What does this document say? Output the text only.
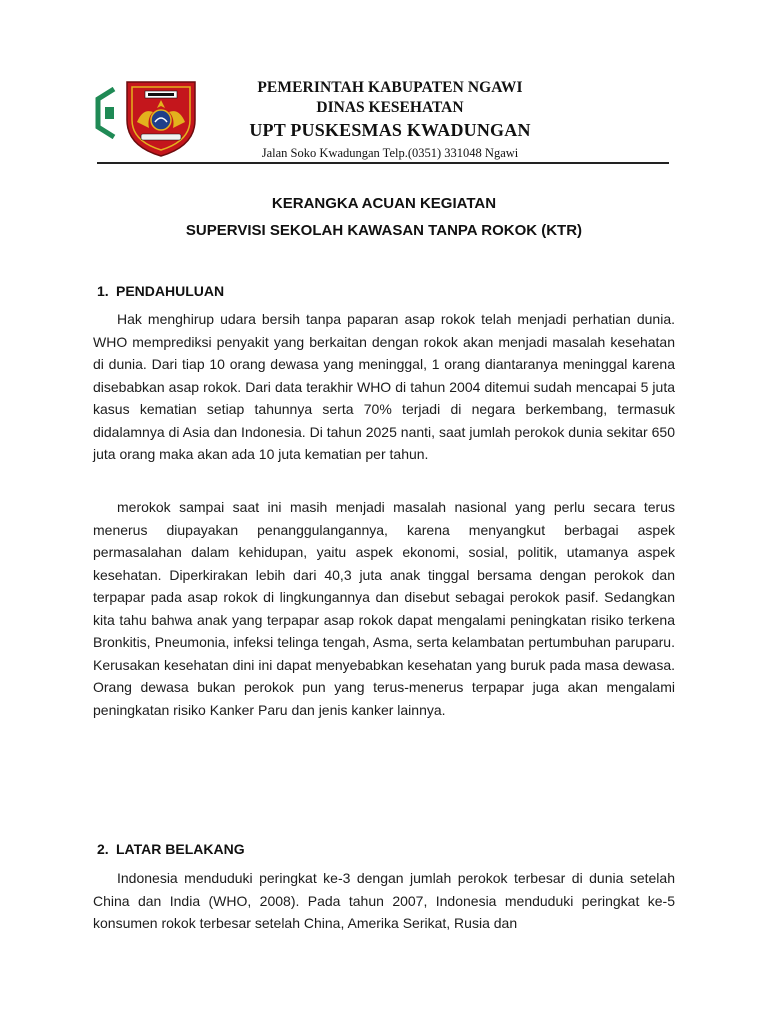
PEMERINTAH KABUPATEN NGAWI
DINAS KESEHATAN
UPT PUSKESMAS KWADUNGAN
Jalan Soko Kwadungan Telp.(0351) 331048 Ngawi
KERANGKA ACUAN KEGIATAN
SUPERVISI SEKOLAH KAWASAN TANPA ROKOK (KTR)
1. PENDAHULUAN
Hak menghirup udara bersih tanpa paparan asap rokok telah menjadi perhatian dunia. WHO memprediksi penyakit yang berkaitan dengan rokok akan menjadi masalah kesehatan di dunia. Dari tiap 10 orang dewasa yang meninggal, 1 orang diantaranya meninggal karena disebabkan asap rokok. Dari data terakhir WHO di tahun 2004 ditemui sudah mencapai 5 juta kasus kematian setiap tahunnya serta 70% terjadi di negara berkembang, termasuk didalamnya di Asia dan Indonesia. Di tahun 2025 nanti, saat jumlah perokok dunia sekitar 650 juta orang maka akan ada 10 juta kematian per tahun.
merokok sampai saat ini masih menjadi masalah nasional yang perlu secara terus menerus diupayakan penanggulangannya, karena menyangkut berbagai aspek permasalahan dalam kehidupan, yaitu aspek ekonomi, sosial, politik, utamanya aspek kesehatan. Diperkirakan lebih dari 40,3 juta anak tinggal bersama dengan perokok dan terpapar pada asap rokok di lingkungannya dan disebut sebagai perokok pasif. Sedangkan kita tahu bahwa anak yang terpapar asap rokok dapat mengalami peningkatan risiko terkena Bronkitis, Pneumonia, infeksi telinga tengah, Asma, serta kelambatan pertumbuhan paruparu. Kerusakan kesehatan dini ini dapat menyebabkan kesehatan yang buruk pada masa dewasa. Orang dewasa bukan perokok pun yang terus-menerus terpapar juga akan mengalami peningkatan risiko Kanker Paru dan jenis kanker lainnya.
2. LATAR BELAKANG
Indonesia menduduki peringkat ke-3 dengan jumlah perokok terbesar di dunia setelah China dan India (WHO, 2008). Pada tahun 2007, Indonesia menduduki peringkat ke-5 konsumen rokok terbesar setelah China, Amerika Serikat, Rusia dan
